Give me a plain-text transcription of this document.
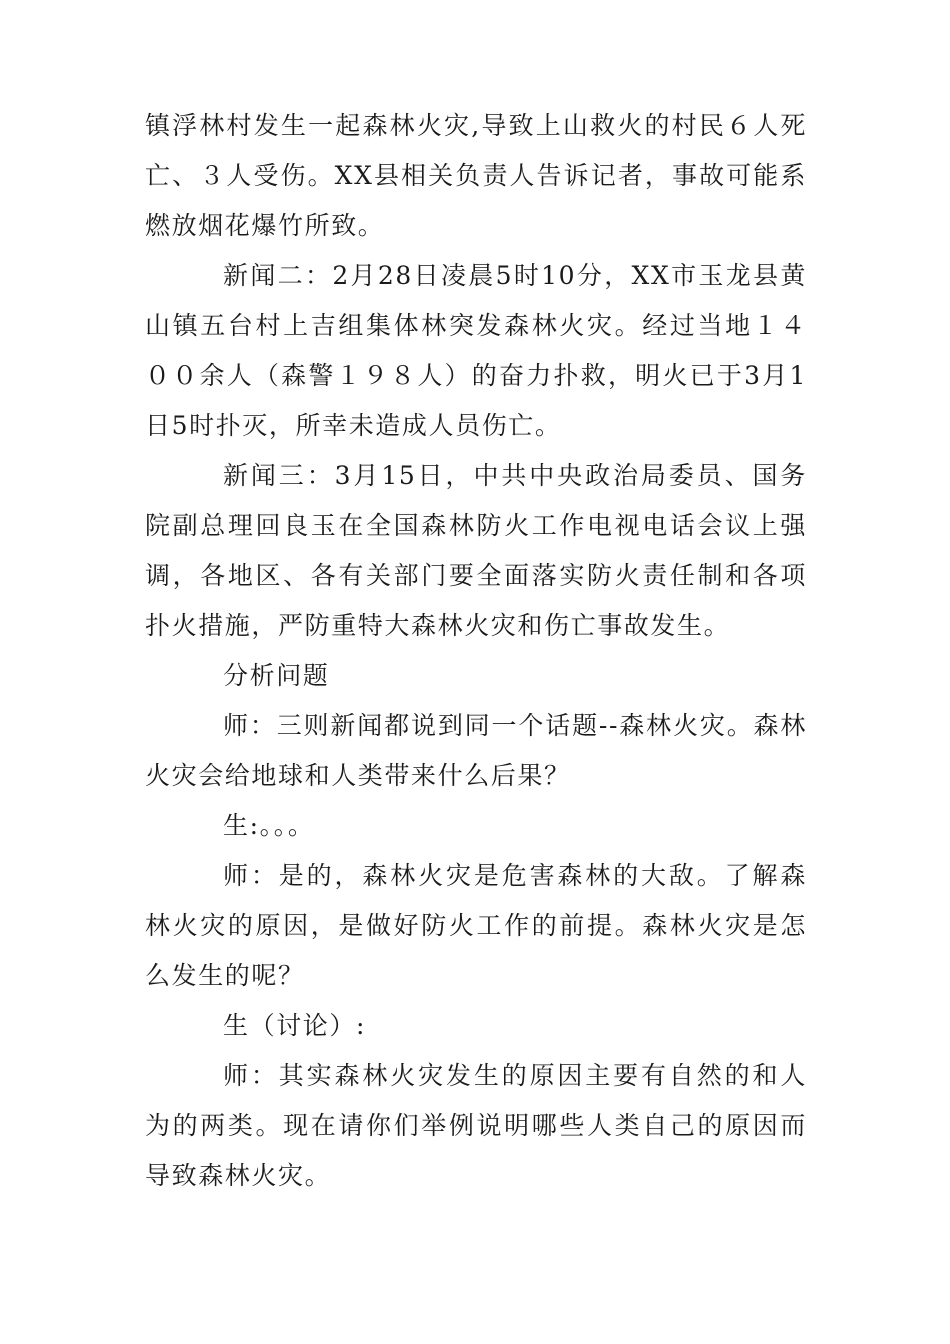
镇浮林村发生一起森林火灾,导致上山救火的村民６人死亡、３人受伤。XX县相关负责人告诉记者，事故可能系燃放烟花爆竹所致。

新闻二：2月28日凌晨5时10分，XX市玉龙县黄山镇五台村上吉组集体林突发森林火灾。经过当地１４００余人（森警１９８人）的奋力扑救，明火已于3月1日5时扑灭，所幸未造成人员伤亡。

新闻三：3月15日，中共中央政治局委员、国务院副总理回良玉在全国森林防火工作电视电话会议上强调，各地区、各有关部门要全面落实防火责任制和各项扑火措施，严防重特大森林火灾和伤亡事故发生。

分析问题

师：三则新闻都说到同一个话题--森林火灾。森林火灾会给地球和人类带来什么后果？

生:。。。

师：是的，森林火灾是危害森林的大敌。了解森林火灾的原因，是做好防火工作的前提。森林火灾是怎么发生的呢？

生（讨论）:

师：其实森林火灾发生的原因主要有自然的和人为的两类。现在请你们举例说明哪些人类自己的原因而导致森林火灾。
